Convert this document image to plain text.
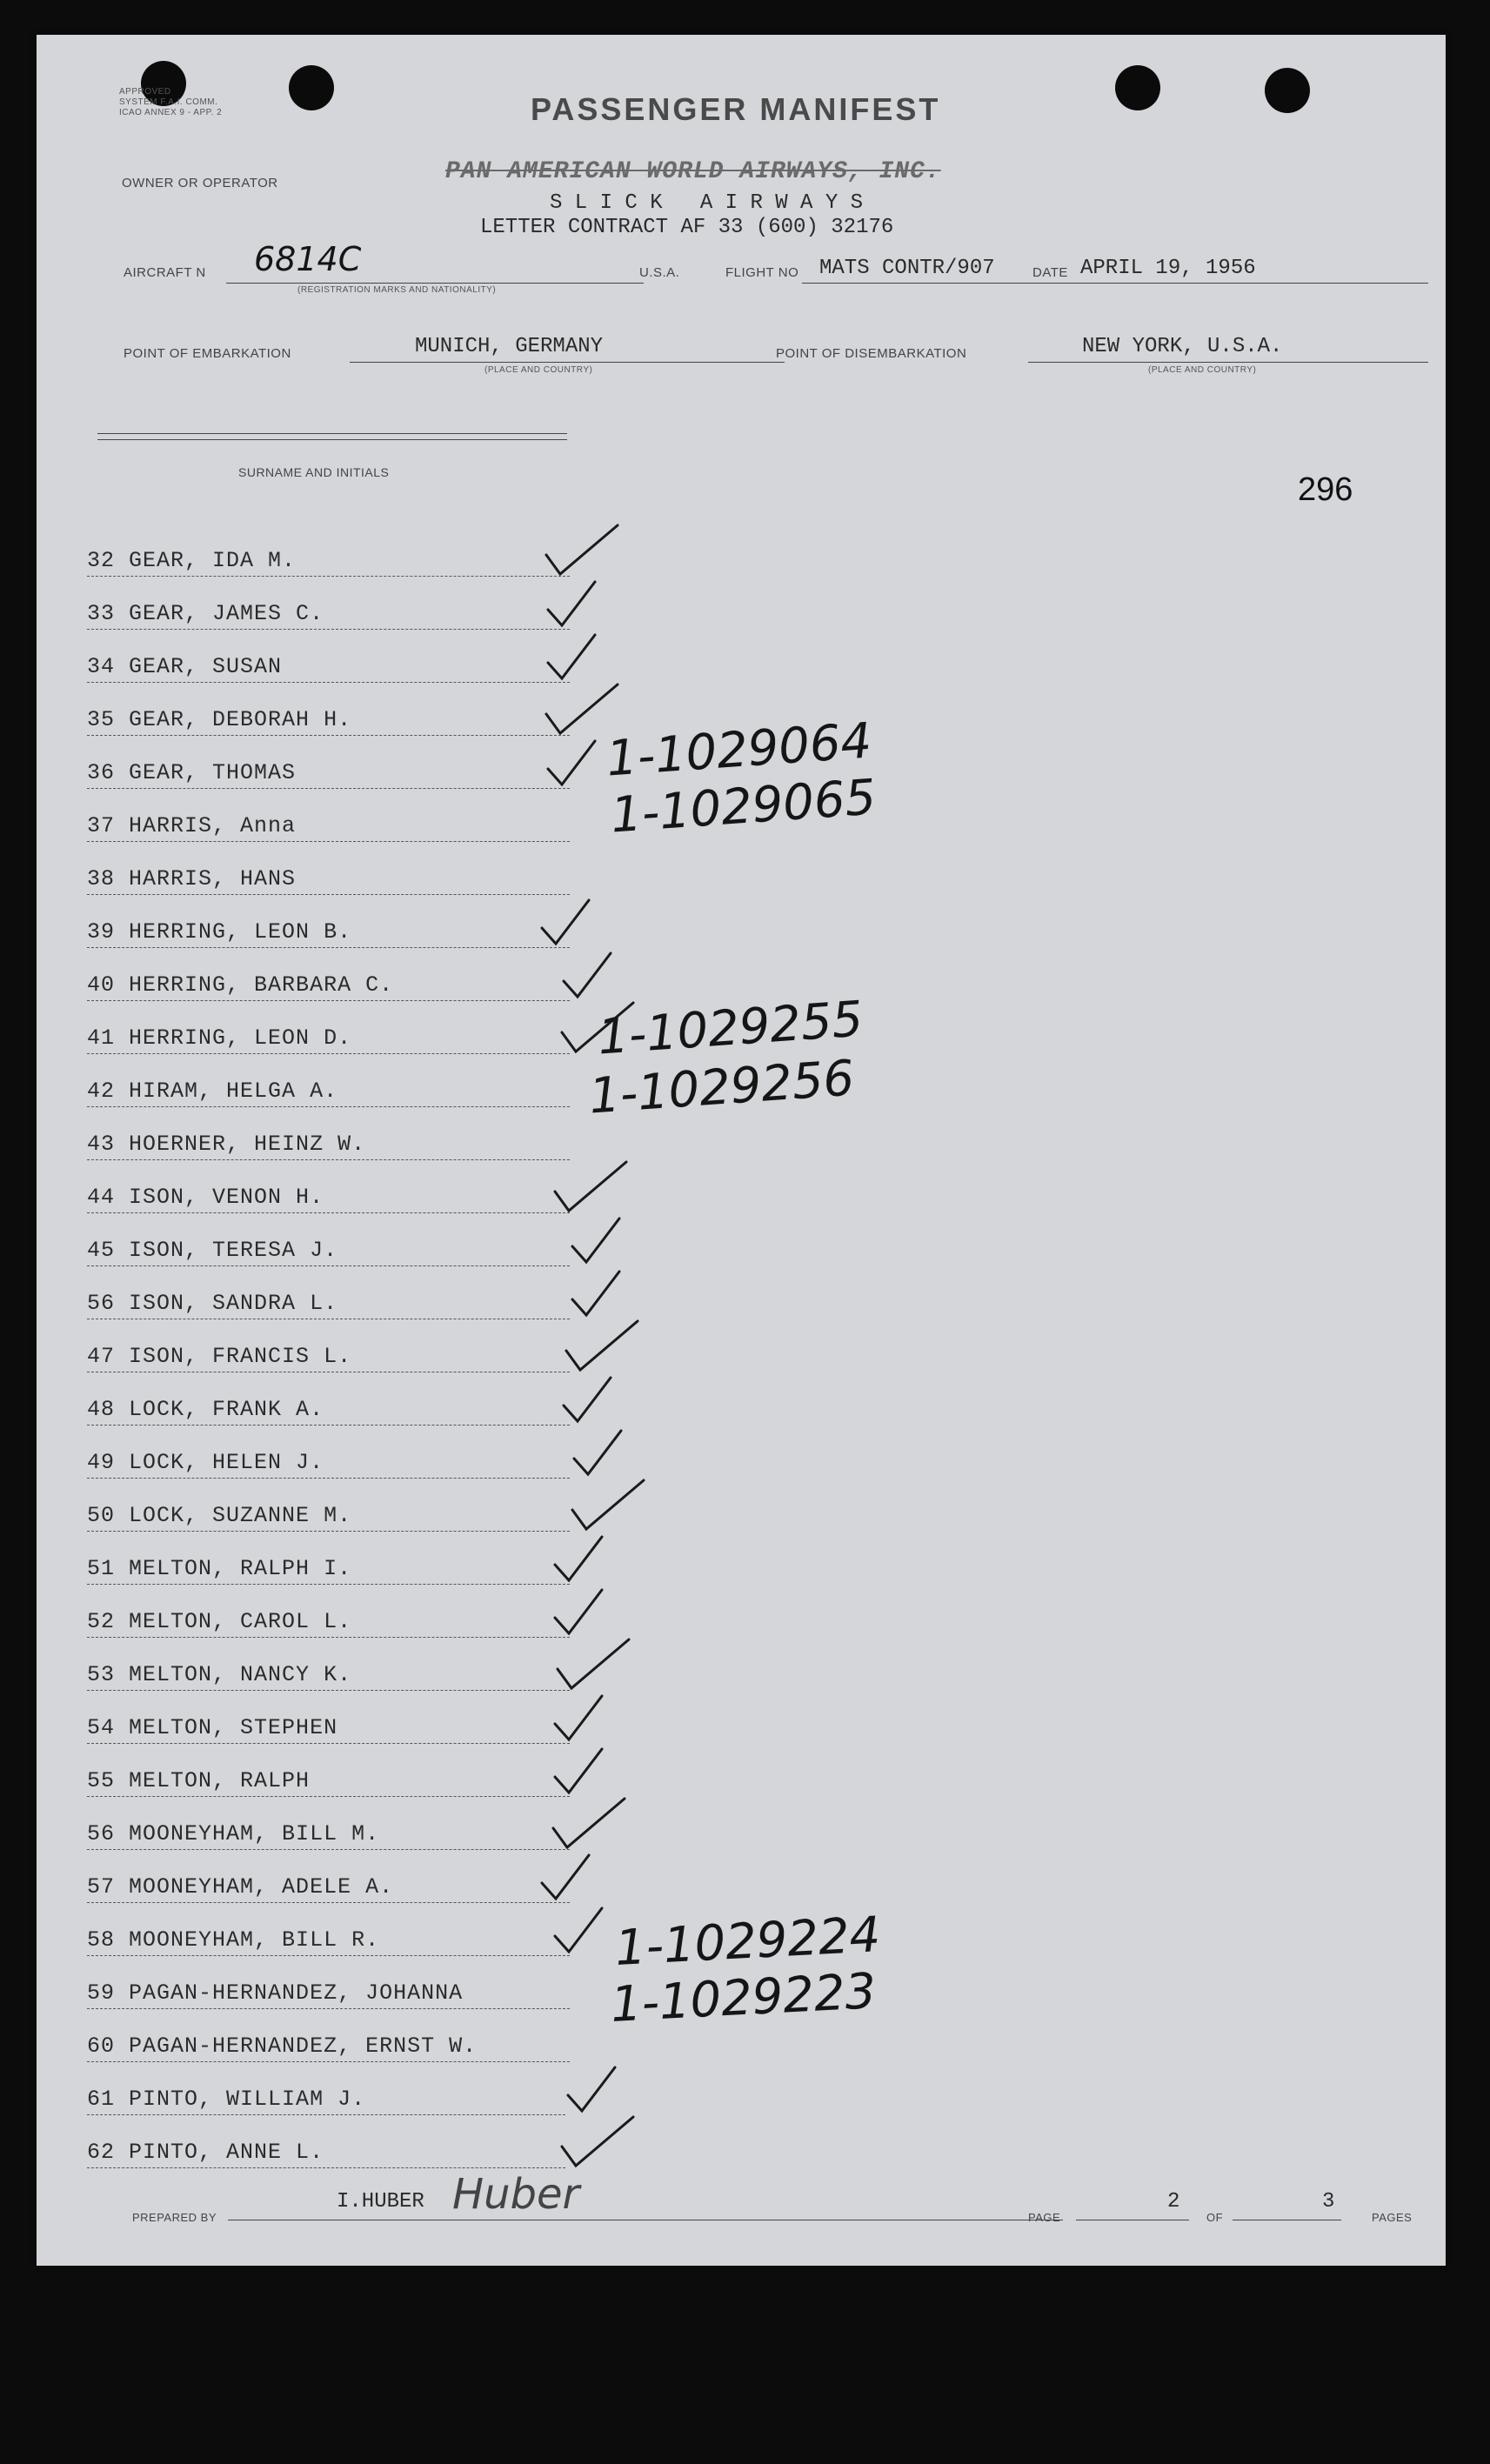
APPROVED
SYSTEM F.A.I. COMM.
ICAO ANNEX 9 - APP. 2	PASSENGER MANIFEST
OWNER OR OPERATOR	PAN AMERICAN WORLD AIRWAYS, INC.
S L I C K   A I R W A Y S
LETTER CONTRACT AF 33 (600) 32176
AIRCRAFT N 6814C
(REGISTRATION MARKS AND NATIONALITY)
U.S.A.	FLIGHT NO MATS CONTR/907	DATE APRIL 19, 1956
POINT OF EMBARKATION	MUNICH, GERMANY
(PLACE AND COUNTRY)
POINT OF DISEMBARKATION	NEW YORK, U.S.A.
(PLACE AND COUNTRY)
SURNAME AND INITIALS	296
32 GEAR, IDA M.
33 GEAR, JAMES C.
34 GEAR, SUSAN
35 GEAR, DEBORAH H.
36 GEAR, THOMAS
37 HARRIS, Anna
38 HARRIS, HANS
39 HERRING, LEON B.
40 HERRING, BARBARA C.
41 HERRING, LEON D.
42 HIRAM, HELGA A.
43 HOERNER, HEINZ W.
44 ISON, VENON H.
45 ISON, TERESA J.
56 ISON, SANDRA L.
47 ISON, FRANCIS L.
48 LOCK, FRANK A.
49 LOCK, HELEN J.
50 LOCK, SUZANNE M.
51 MELTON, RALPH I.
52 MELTON, CAROL L.
53 MELTON, NANCY K.
54 MELTON, STEPHEN
55 MELTON, RALPH
56 MOONEYHAM, BILL M.
57 MOONEYHAM, ADELE A.
58 MOONEYHAM, BILL R.
59 PAGAN-HERNANDEZ, JOHANNA
60 PAGAN-HERNANDEZ, ERNST W.
61 PINTO, WILLIAM J.
62 PINTO, ANNE L.
1-1029064
1-1029065
1-1029255
1-1029256
1-1029224
1-1029223
PREPARED BY
I.HUBER Huber	PAGE
2
OF
3
PAGES
